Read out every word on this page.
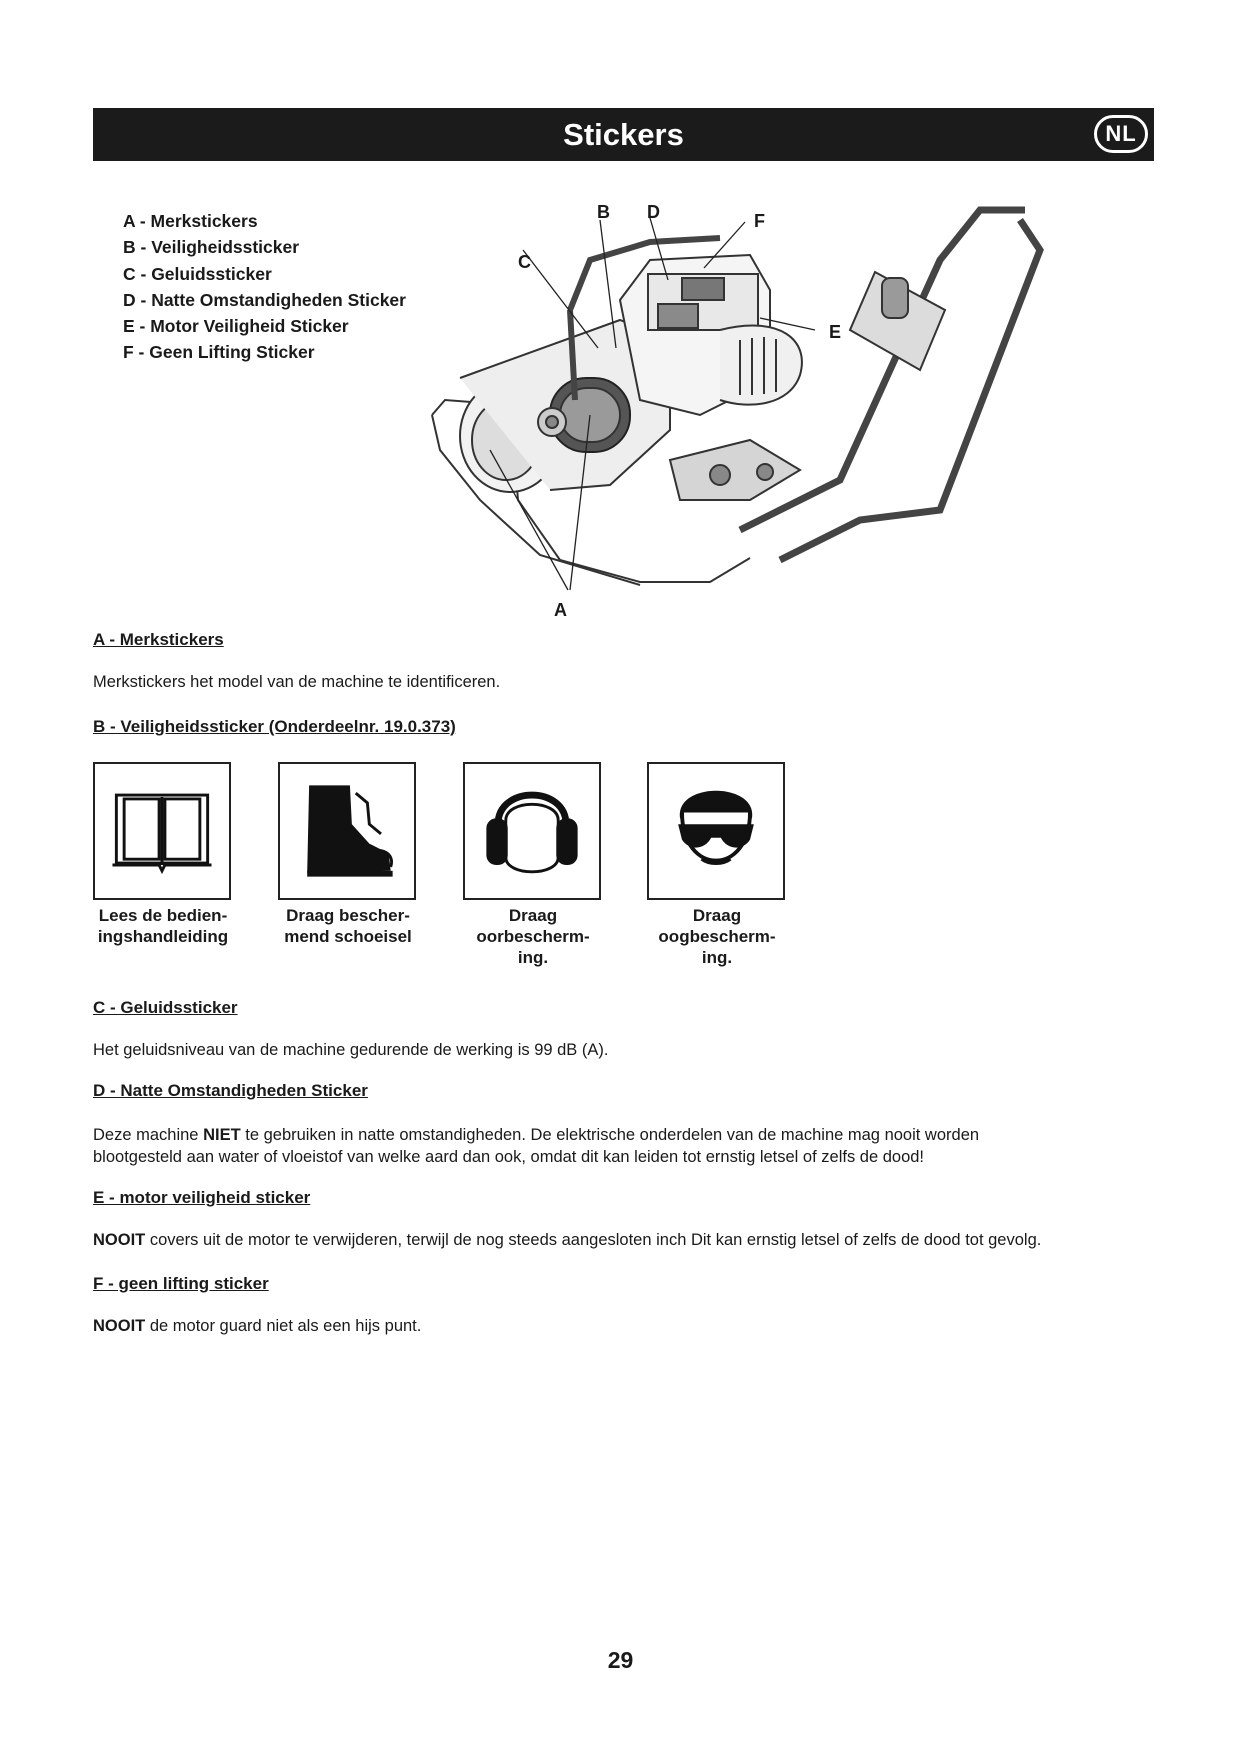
Stickers	NL
A - Merkstickers
B - Veiligheidssticker
C - Geluidssticker
D - Natte Omstandigheden Sticker
E - Motor Veiligheid Sticker
F - Geen Lifting Sticker
B D	F
C
E
A
A - Merkstickers
Merkstickers het model van de machine te identificeren.
B - Veiligheidssticker (Onderdeelnr. 19.0.373)
Lees de bedien-
ingshandleiding
Draag bescher-
mend schoeisel
Draag
oorbescherm-
ing.
Draag
oogbescherm-
ing.
C - Geluidssticker
Het geluidsniveau van de machine gedurende de werking is 99 dB (A).
D - Natte Omstandigheden Sticker
Deze machine NIET te gebruiken in natte omstandigheden. De elektrische onderdelen van de machine mag nooit worden
blootgesteld aan water of vloeistof van welke aard dan ook, omdat dit kan leiden tot ernstig letsel of zelfs de dood!
E - motor veiligheid sticker
NOOIT covers uit de motor te verwijderen, terwijl de nog steeds aangesloten inch Dit kan ernstig letsel of zelfs de dood tot gevolg.
F - geen lifting sticker
NOOIT de motor guard niet als een hijs punt.
29
